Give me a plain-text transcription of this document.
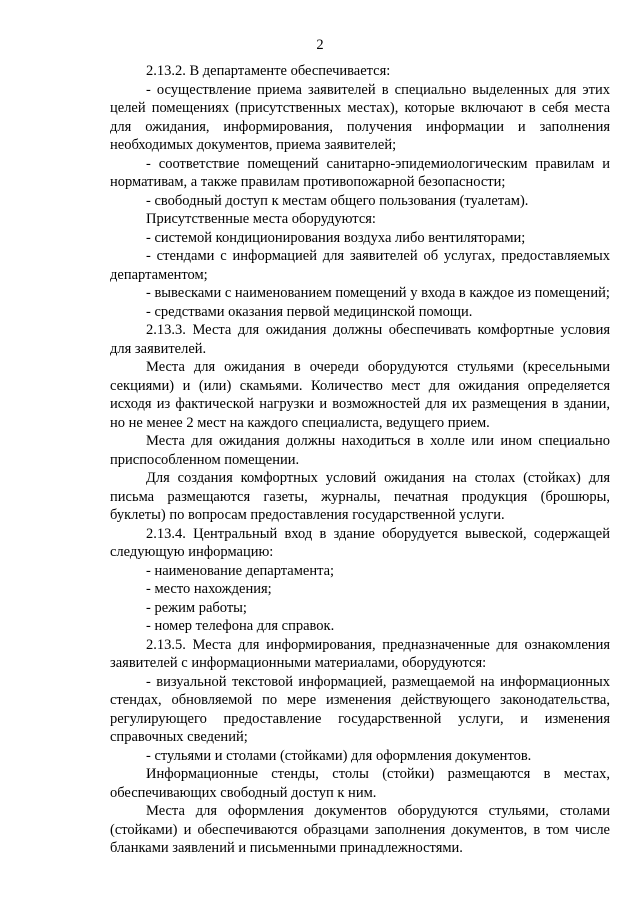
2

2.13.2. В департаменте обеспечивается:

- осуществление приема заявителей в специально выделенных для этих целей помещениях (присутственных местах), которые включают в себя места для ожидания, информирования, получения информации и заполнения необходимых документов, приема заявителей;

- соответствие помещений санитарно-эпидемиологическим правилам и нормативам, а также правилам противопожарной безопасности;

- свободный доступ к местам общего пользования (туалетам).

Присутственные места оборудуются:

- системой кондиционирования воздуха либо вентиляторами;

- стендами с информацией для заявителей об услугах, предоставляемых департаментом;

- вывесками с наименованием помещений у входа в каждое из помещений;

- средствами оказания первой медицинской помощи.

2.13.3. Места для ожидания должны обеспечивать комфортные условия для заявителей.

Места для ожидания в очереди оборудуются стульями (кресельными секциями) и (или) скамьями. Количество мест для ожидания определяется исходя из фактической нагрузки и возможностей для их размещения в здании, но не менее 2 мест на каждого специалиста, ведущего прием.

Места для ожидания должны находиться в холле или ином специально приспособленном помещении.

Для создания комфортных условий ожидания на столах (стойках) для письма размещаются газеты, журналы, печатная продукция (брошюры, буклеты) по вопросам предоставления государственной услуги.

2.13.4. Центральный вход в здание оборудуется вывеской, содержащей следующую информацию:

- наименование департамента;

- место нахождения;

- режим работы;

- номер телефона для справок.

2.13.5. Места для информирования, предназначенные для ознакомления заявителей с информационными материалами, оборудуются:

- визуальной текстовой информацией, размещаемой на информационных стендах, обновляемой по мере изменения действующего законодательства, регулирующего предоставление государственной услуги, и изменения справочных сведений;

- стульями и столами (стойками) для оформления документов.

Информационные стенды, столы (стойки) размещаются в местах, обеспечивающих свободный доступ к ним.

Места для оформления документов оборудуются стульями, столами (стойками) и обеспечиваются образцами заполнения документов, в том числе бланками заявлений и письменными принадлежностями.
